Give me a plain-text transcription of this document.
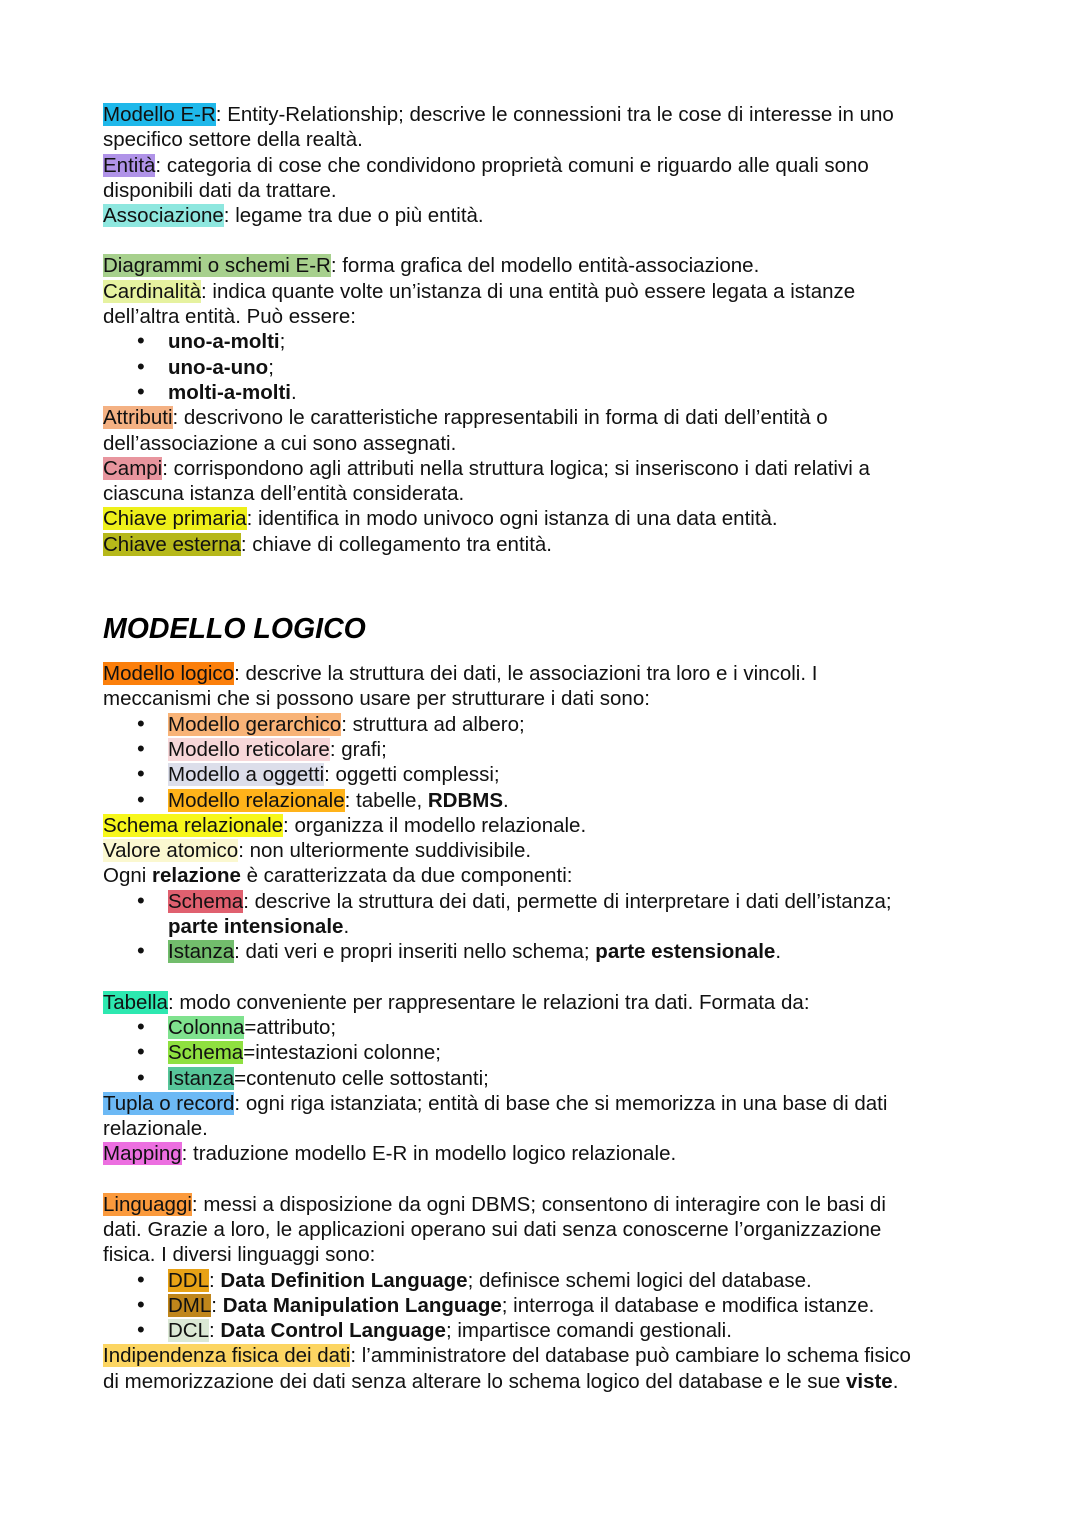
Modello E-R: Entity-Relationship; descrive le connessioni tra le cose di interesse in uno
specifico settore della realtà.

Entità: categoria di cose che condividono proprietà comuni e riguardo alle quali sono
disponibili dati da trattare.

Associazione: legame tra due o più entità.

Diagrammi o schemi E-R: forma grafica del modello entità-associazione.

Cardinalità: indica quante volte un’istanza di una entità può essere legata a istanze
dell’altra entità. Può essere:

• uno-a-molti;
• uno-a-uno;
• molti-a-molti.

Attributi: descrivono le caratteristiche rappresentabili in forma di dati dell’entità o
dell’associazione a cui sono assegnati.

Campi: corrispondono agli attributi nella struttura logica; si inseriscono i dati relativi a
ciascuna istanza dell’entità considerata.

Chiave primaria: identifica in modo univoco ogni istanza di una data entità.

Chiave esterna: chiave di collegamento tra entità.

MODELLO LOGICO

Modello logico: descrive la struttura dei dati, le associazioni tra loro e i vincoli. I
meccanismi che si possono usare per strutturare i dati sono:

• Modello gerarchico: struttura ad albero;
• Modello reticolare: grafi;
• Modello a oggetti: oggetti complessi;
• Modello relazionale: tabelle, RDBMS.

Schema relazionale: organizza il modello relazionale.

Valore atomico: non ulteriormente suddivisibile.

Ogni relazione è caratterizzata da due componenti:

• Schema: descrive la struttura dei dati, permette di interpretare i dati dell’istanza;
parte intensionale.
• Istanza: dati veri e propri inseriti nello schema; parte estensionale.

Tabella: modo conveniente per rappresentare le relazioni tra dati. Formata da:

• Colonna=attributo;
• Schema=intestazioni colonne;
• Istanza=contenuto celle sottostanti;

Tupla o record: ogni riga istanziata; entità di base che si memorizza in una base di dati
relazionale.

Mapping: traduzione modello E-R in modello logico relazionale.

Linguaggi: messi a disposizione da ogni DBMS; consentono di interagire con le basi di
dati. Grazie a loro, le applicazioni operano sui dati senza conoscerne l’organizzazione
fisica. I diversi linguaggi sono:

• DDL: Data Definition Language; definisce schemi logici del database.
• DML: Data Manipulation Language; interroga il database e modifica istanze.
• DCL: Data Control Language; impartisce comandi gestionali.

Indipendenza fisica dei dati: l’amministratore del database può cambiare lo schema fisico
di memorizzazione dei dati senza alterare lo schema logico del database e le sue viste.
